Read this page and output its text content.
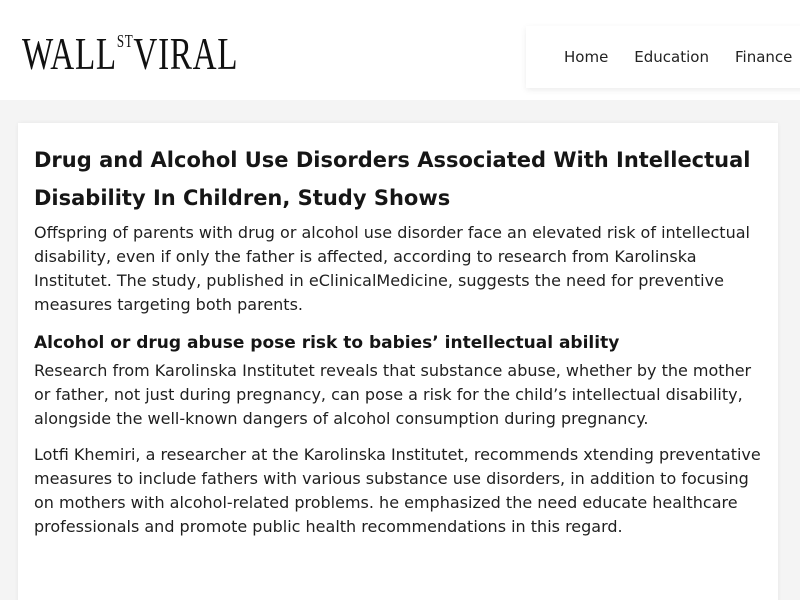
$WALL^{ST}VIRAL$	Home Education Finance
Drug and Alcohol Use Disorders Associated With Intellectual Disability In Children, Study Shows

Offspring of parents with drug or alcohol use disorder face an elevated risk of intellectual disability, even if only the father is affected, according to research from Karolinska Institutet. The study, published in eClinicalMedicine, suggests the need for preventive measures targeting both parents.

Alcohol or drug abuse pose risk to babies’ intellectual ability

Research from Karolinska Institutet reveals that substance abuse, whether by the mother or father, not just during pregnancy, can pose a risk for the child’s intellectual disability, alongside the well-known dangers of alcohol consumption during pregnancy.

Lotfi Khemiri, a researcher at the Karolinska Institutet, recommends xtending preventative measures to include fathers with various substance use disorders, in addition to focusing on mothers with alcohol-related problems. he emphasized the need educate healthcare professionals and promote public health recommendations in this regard.
